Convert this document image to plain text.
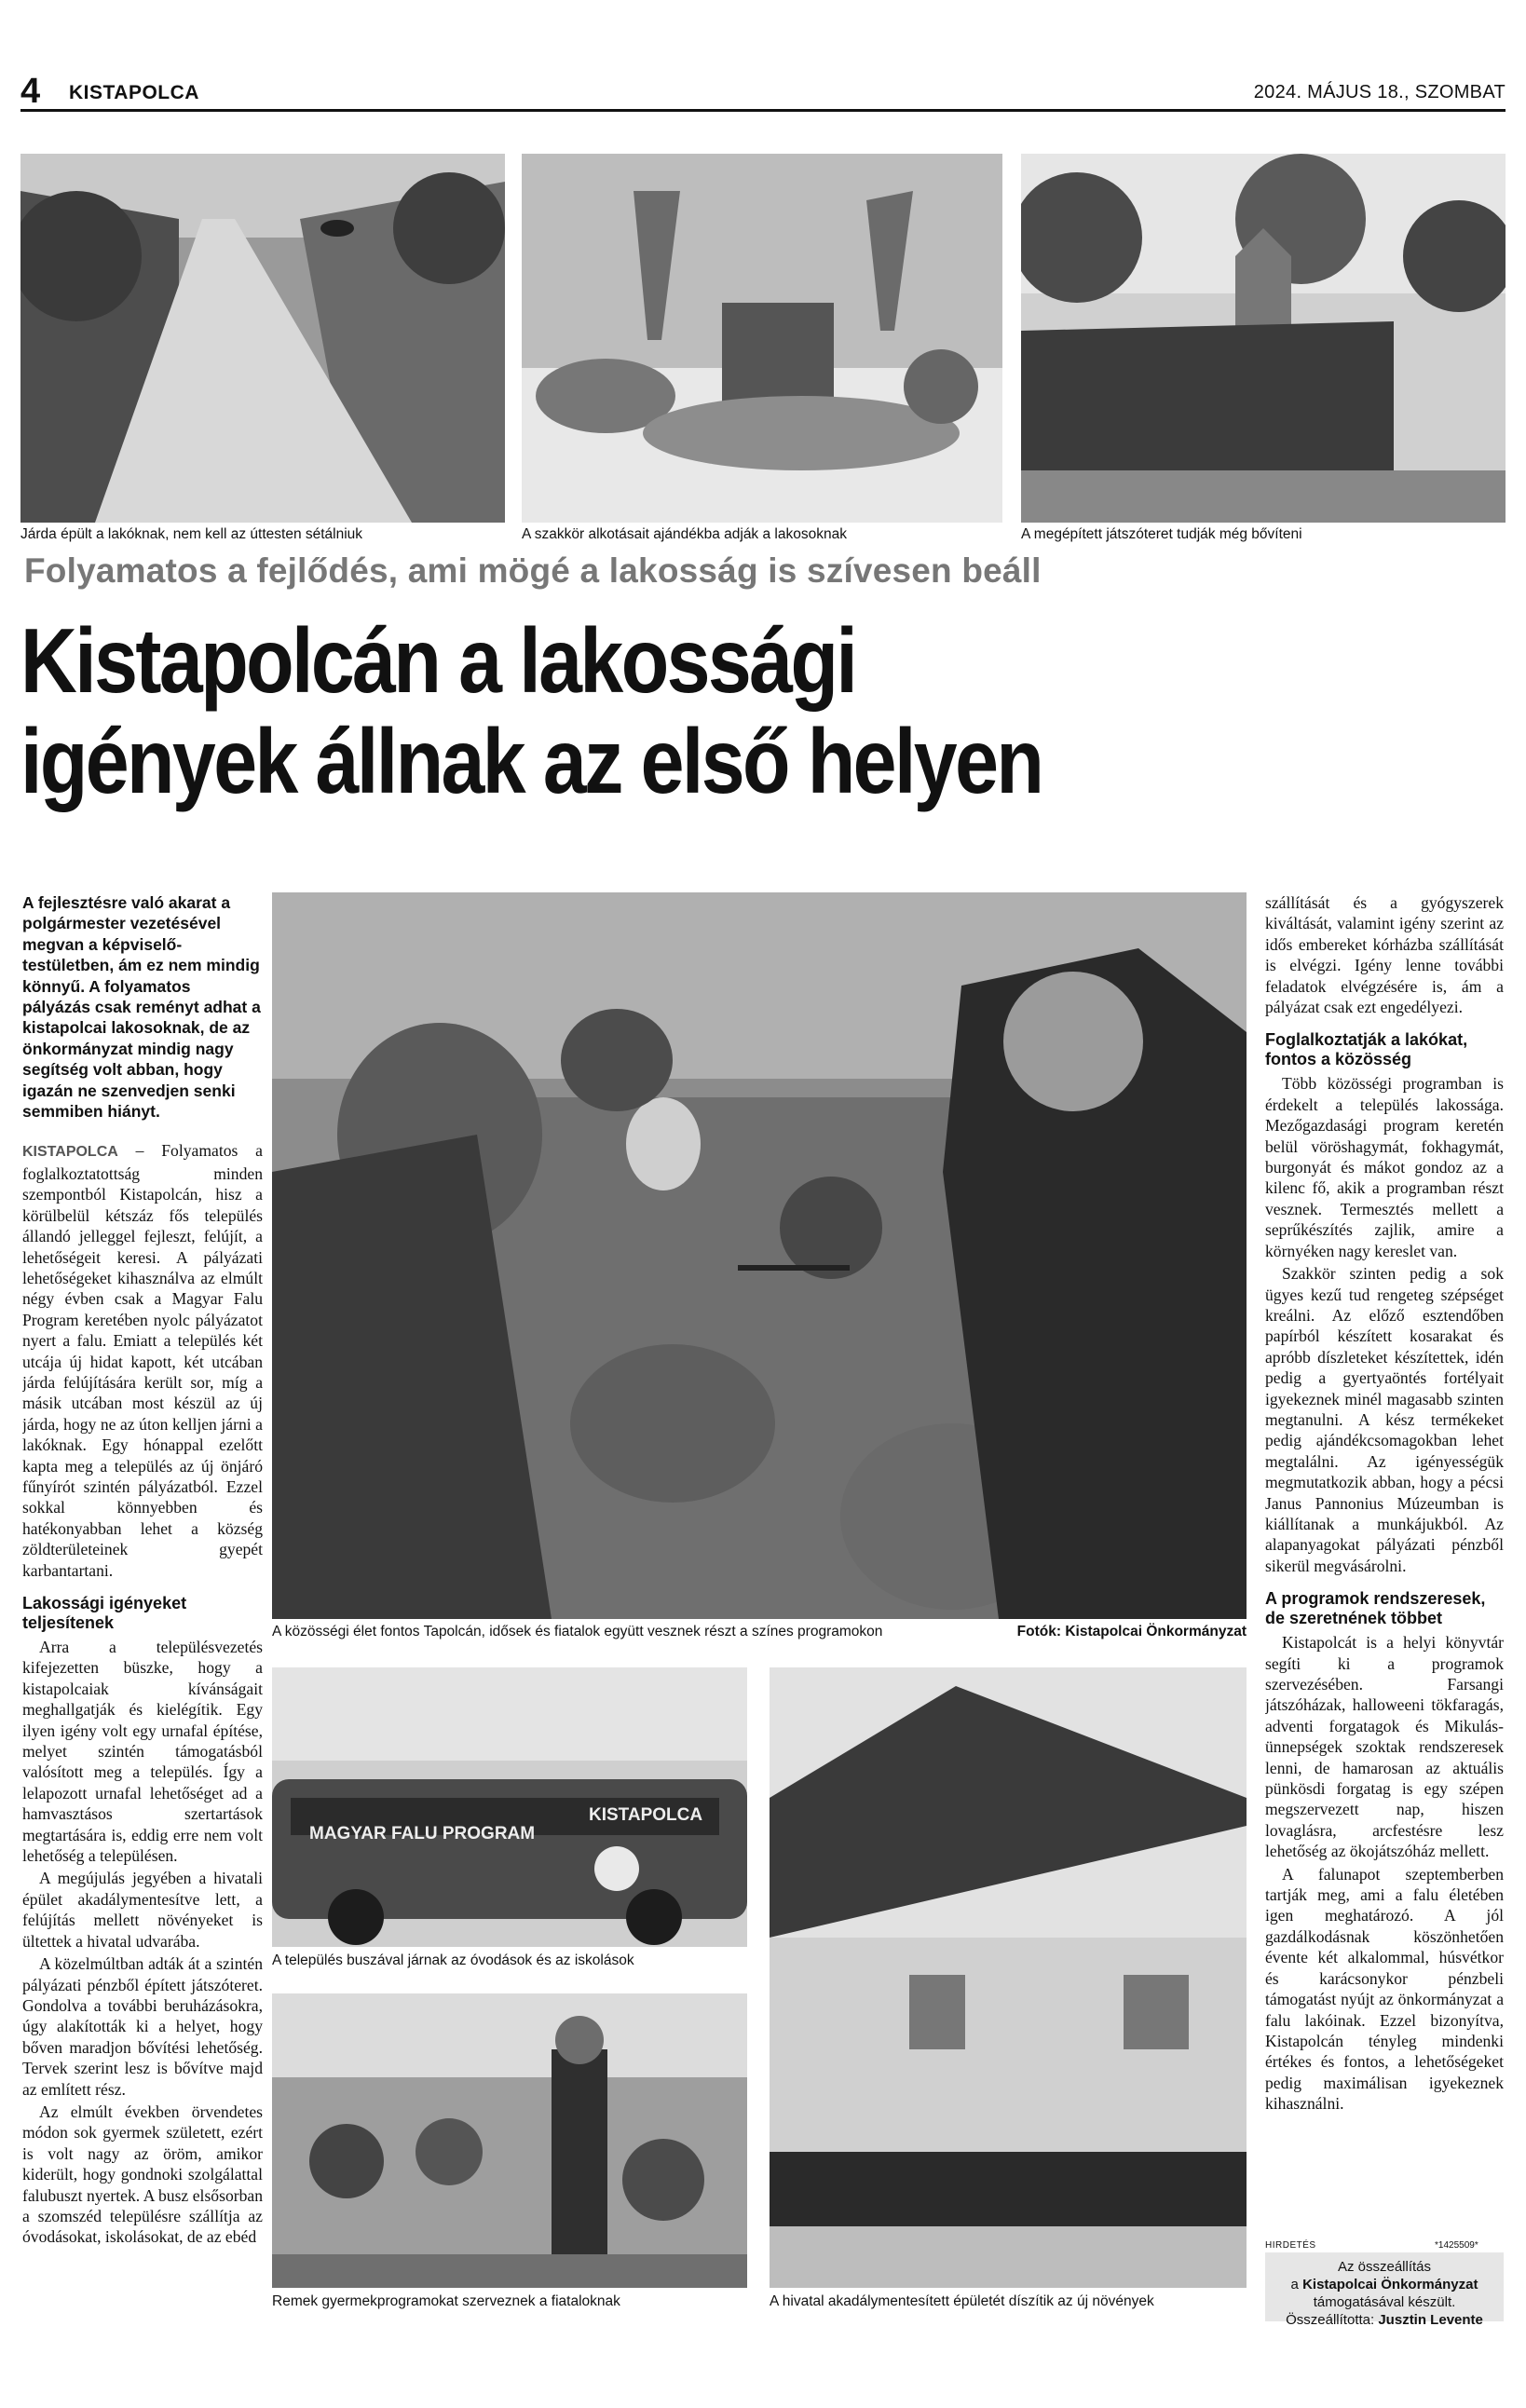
4 KISTAPOLCA	2024. MÁJUS 18., SZOMBAT
Járda épült a lakóknak, nem kell az úttesten sétálniuk	A szakkör alkotásait ajándékba adják a lakosoknak	A megépített játszóteret tudják még bővíteni
Folyamatos a fejlődés, ami mögé a lakosság is szívesen beáll
Kistapolcán a lakossági
igények állnak az első helyen
A fejlesztésre való akarat a polgármester vezetésével megvan a képviselő-testületben, ám ez nem mindig könnyű. A folyamatos pályázás csak reményt adhat a kistapolcai lakosoknak, de az önkormányzat mindig nagy segítség volt abban, hogy igazán ne szenvedjen senki semmiben hiányt.

KISTAPOLCA – Folyamatos a foglalkoztatottság minden szempontból Kistapolcán, hisz a körülbelül kétszáz fős település állandó jelleggel fejleszt, felújít, a lehetőségeit keresi. A pályázati lehetőségeket kihasználva az elmúlt négy évben csak a Magyar Falu Program keretében nyolc pályázatot nyert a falu. Emiatt a település két utcája új hidat kapott, két utcában járda felújítására került sor, míg a másik utcában most készül az új járda, hogy ne az úton kelljen járni a lakóknak. Egy hónappal ezelőtt kapta meg a település az új önjáró fűnyírót szintén pályázatból. Ezzel sokkal könnyebben és hatékonyabban lehet a község zöldterületeinek gyepét karbantartani.

Lakossági igényeket teljesítenek

Arra a településvezetés kifejezetten büszke, hogy a kistapolcaiak kívánságait meghallgatják és kielégítik. Egy ilyen igény volt egy urnafal építése, melyet szintén támogatásból valósított meg a település. Így a lelapozott urnafal lehetőséget ad a hamvasztásos szertartások megtartására is, eddig erre nem volt lehetőség a településen.

A megújulás jegyében a hivatali épület akadálymentesítve lett, a felújítás mellett növényeket is ültettek a hivatal udvarába.

A közelmúltban adták át a szintén pályázati pénzből épített játszóteret. Gondolva a további beruházásokra, úgy alakították ki a helyet, hogy bőven maradjon bővítési lehetőség. Tervek szerint lesz is bővítve majd az említett rész.

Az elmúlt években örvendetes módon sok gyermek született, ezért is volt nagy az öröm, amikor kiderült, hogy gondnoki szolgálattal falubuszt nyertek. A busz elsősorban a szomszéd településre szállítja az óvodásokat, iskolásokat, de az ebéd

A közösségi élet fontos Tapolcán, idősek és fiatalok együtt vesznek részt a színes programokon	Fotók: Kistapolcai Önkormányzat
MAGYAR FALU PROGRAM
KISTAPOLCA
A település buszával járnak az óvodások és az iskolások
Remek gyermekprogramokat szerveznek a fiataloknak	A hivatal akadálymentesített épületét díszítik az új növények

szállítását és a gyógyszerek kiváltását, valamint igény szerint az idős embereket kórházba szállítását is elvégzi. Igény lenne további feladatok elvégzésére is, ám a pályázat csak ezt engedélyezi.

Foglalkoztatják a lakókat, fontos a közösség

Több közösségi programban is érdekelt a település lakossága. Mezőgazdasági program keretén belül vöröshagymát, fokhagymát, burgonyát és mákot gondoz az a kilenc fő, akik a programban részt vesznek. Termesztés mellett a seprűkészítés zajlik, amire a környéken nagy kereslet van.

Szakkör szinten pedig a sok ügyes kezű tud rengeteg szépséget kreálni. Az előző esztendőben papírból készített kosarakat és apróbb díszleteket készítettek, idén pedig a gyertyaöntés fortélyait igyekeznek minél magasabb szinten megtanulni. A kész termékeket pedig ajándékcsomagokban lehet megtalálni. Az igényességük megmutatkozik abban, hogy a pécsi Janus Pannonius Múzeumban is kiállítanak a munkájukból. Az alapanyagokat pályázati pénzből sikerül megvásárolni.

A programok rendszeresek, de szeretnének többet

Kistapolcát is a helyi könyvtár segíti ki a programok szervezésében. Farsangi játszóházak, halloweeni tökfaragás, adventi forgatagok és Mikulás-ünnepségek szoktak rendszeresek lenni, de hamarosan az aktuális pünkösdi forgatag is egy szépen megszervezett nap, hiszen lovaglásra, arcfestésre lesz lehetőség az ökojátszóház mellett.

A falunapot szeptemberben tartják meg, ami a falu életében igen meghatározó. A jól gazdálkodásnak köszönhetően évente két alkalommal, húsvétkor és karácsonykor pénzbeli támogatást nyújt az önkormányzat a falu lakóinak. Ezzel bizonyítva, Kistapolcán tényleg mindenki értékes és fontos, a lehetőségeket pedig maximálisan igyekeznek kihasználni.

HIRDETÉS	*1425509*
Az összeállítás
a Kistapolcai Önkormányzat
támogatásával készült.
Összeállította: Jusztin Levente
